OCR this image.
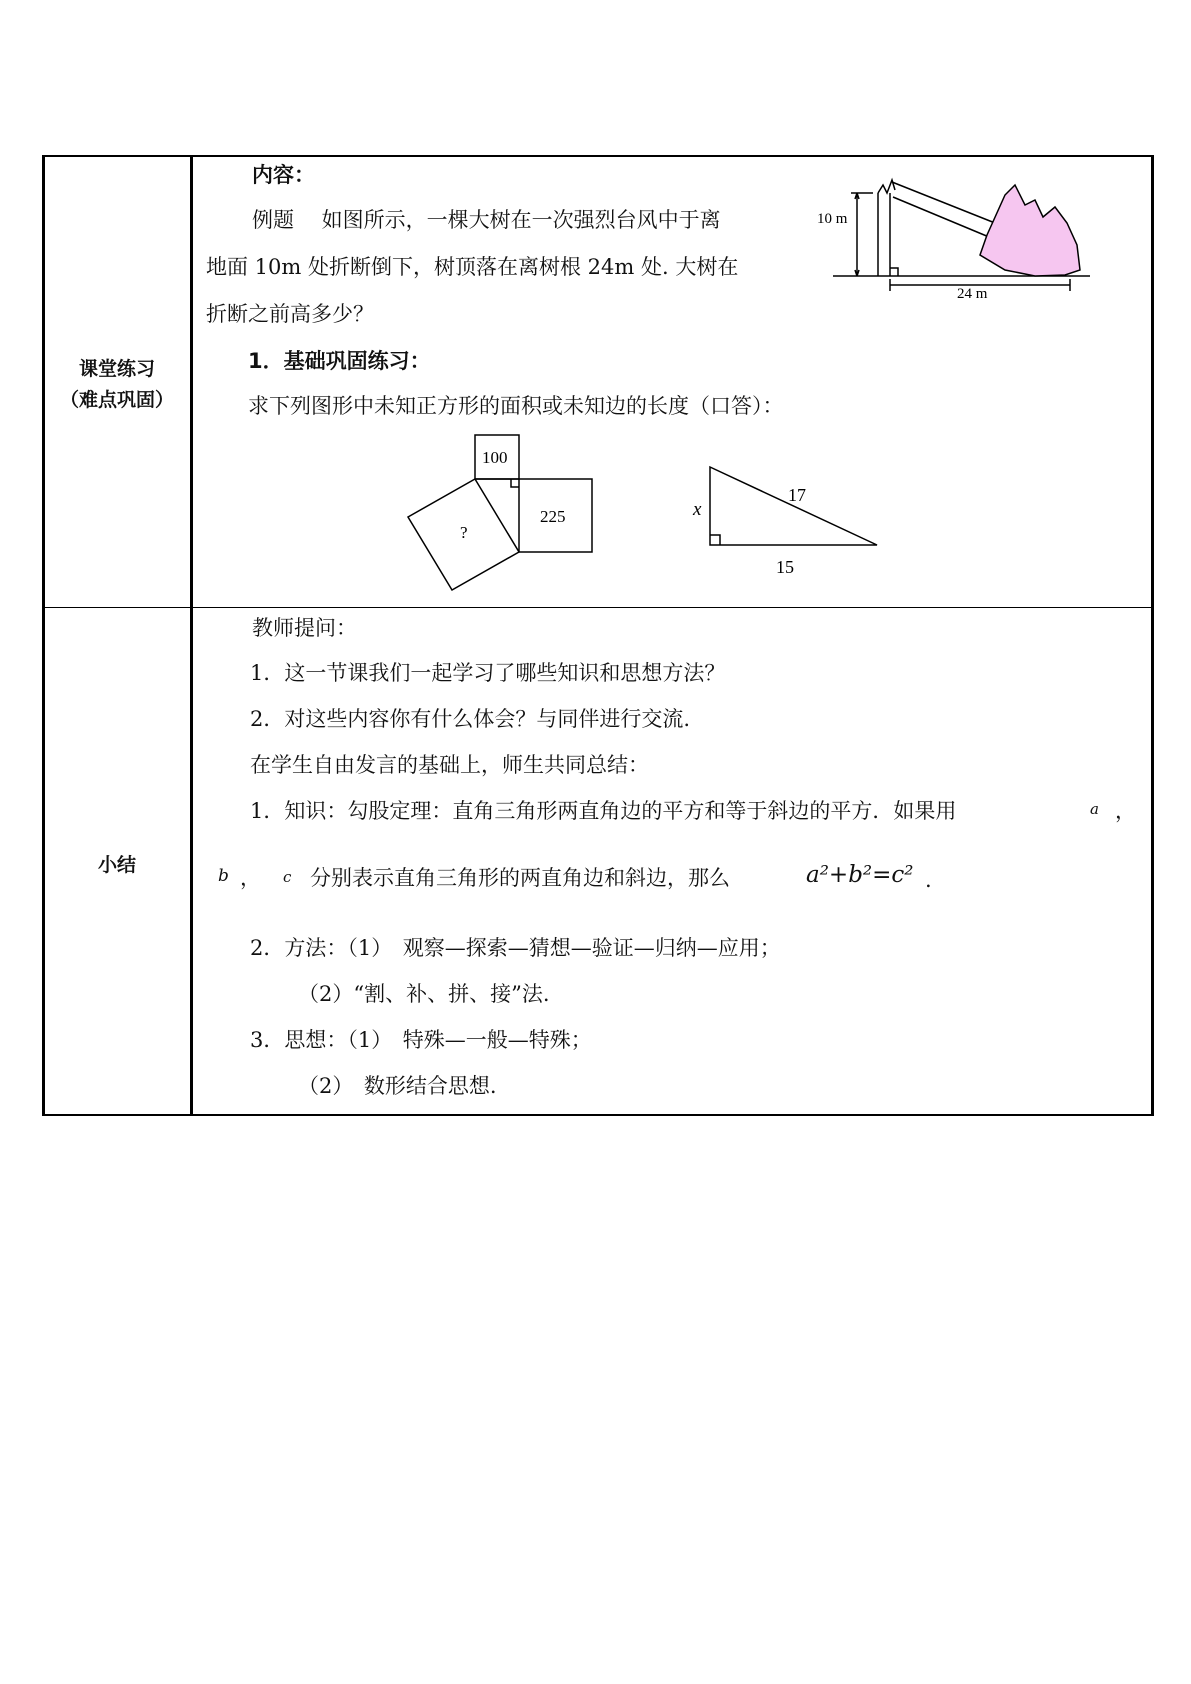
课堂练习
（难点巩固）
内容：
例题　 如图所示，一棵大树在一次强烈台风中于离
地面 10m 处折断倒下，树顶落在离树根 24m 处. 大树在
折断之前高多少？
10 m
24 m
1．基础巩固练习：
求下列图形中未知正方形的面积或未知边的长度（口答）：
100
225
?
x
17
15
小结
教师提问：
1．这一节课我们一起学习了哪些知识和思想方法？
2．对这些内容你有什么体会？与同伴进行交流.
在学生自由发言的基础上，师生共同总结：
1．知识：勾股定理：直角三角形两直角边的平方和等于斜边的平方．如果用	a ，
b ， c 分别表示直角三角形的两直角边和斜边，那么	a²+b²=c² .
2．方法：（1）　观察—探索—猜想—验证—归纳—应用；
（2）“割、补、拼、接”法.
3．思想：（1）　特殊—一般—特殊；
（2）　数形结合思想.
